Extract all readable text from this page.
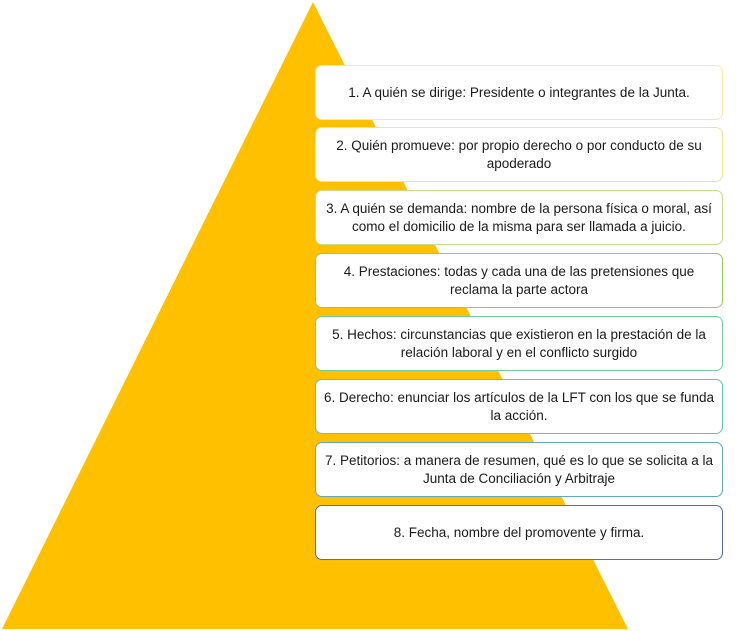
1. A quién se dirige: Presidente o integrantes de la Junta.
2. Quién promueve: por propio derecho o por conducto de su apoderado
3. A quién se demanda: nombre de la persona física o moral, así como el domicilio de la misma para ser llamada a juicio.
4. Prestaciones: todas y cada una de las pretensiones que reclama la parte actora
5. Hechos: circunstancias que existieron en la prestación de la relación laboral y en el conflicto surgido
6. Derecho: enunciar los artículos de la LFT con los que se funda la acción.
7. Petitorios: a manera de resumen, qué es lo que se solicita a la Junta de Conciliación y Arbitraje
8. Fecha, nombre del promovente y firma.
